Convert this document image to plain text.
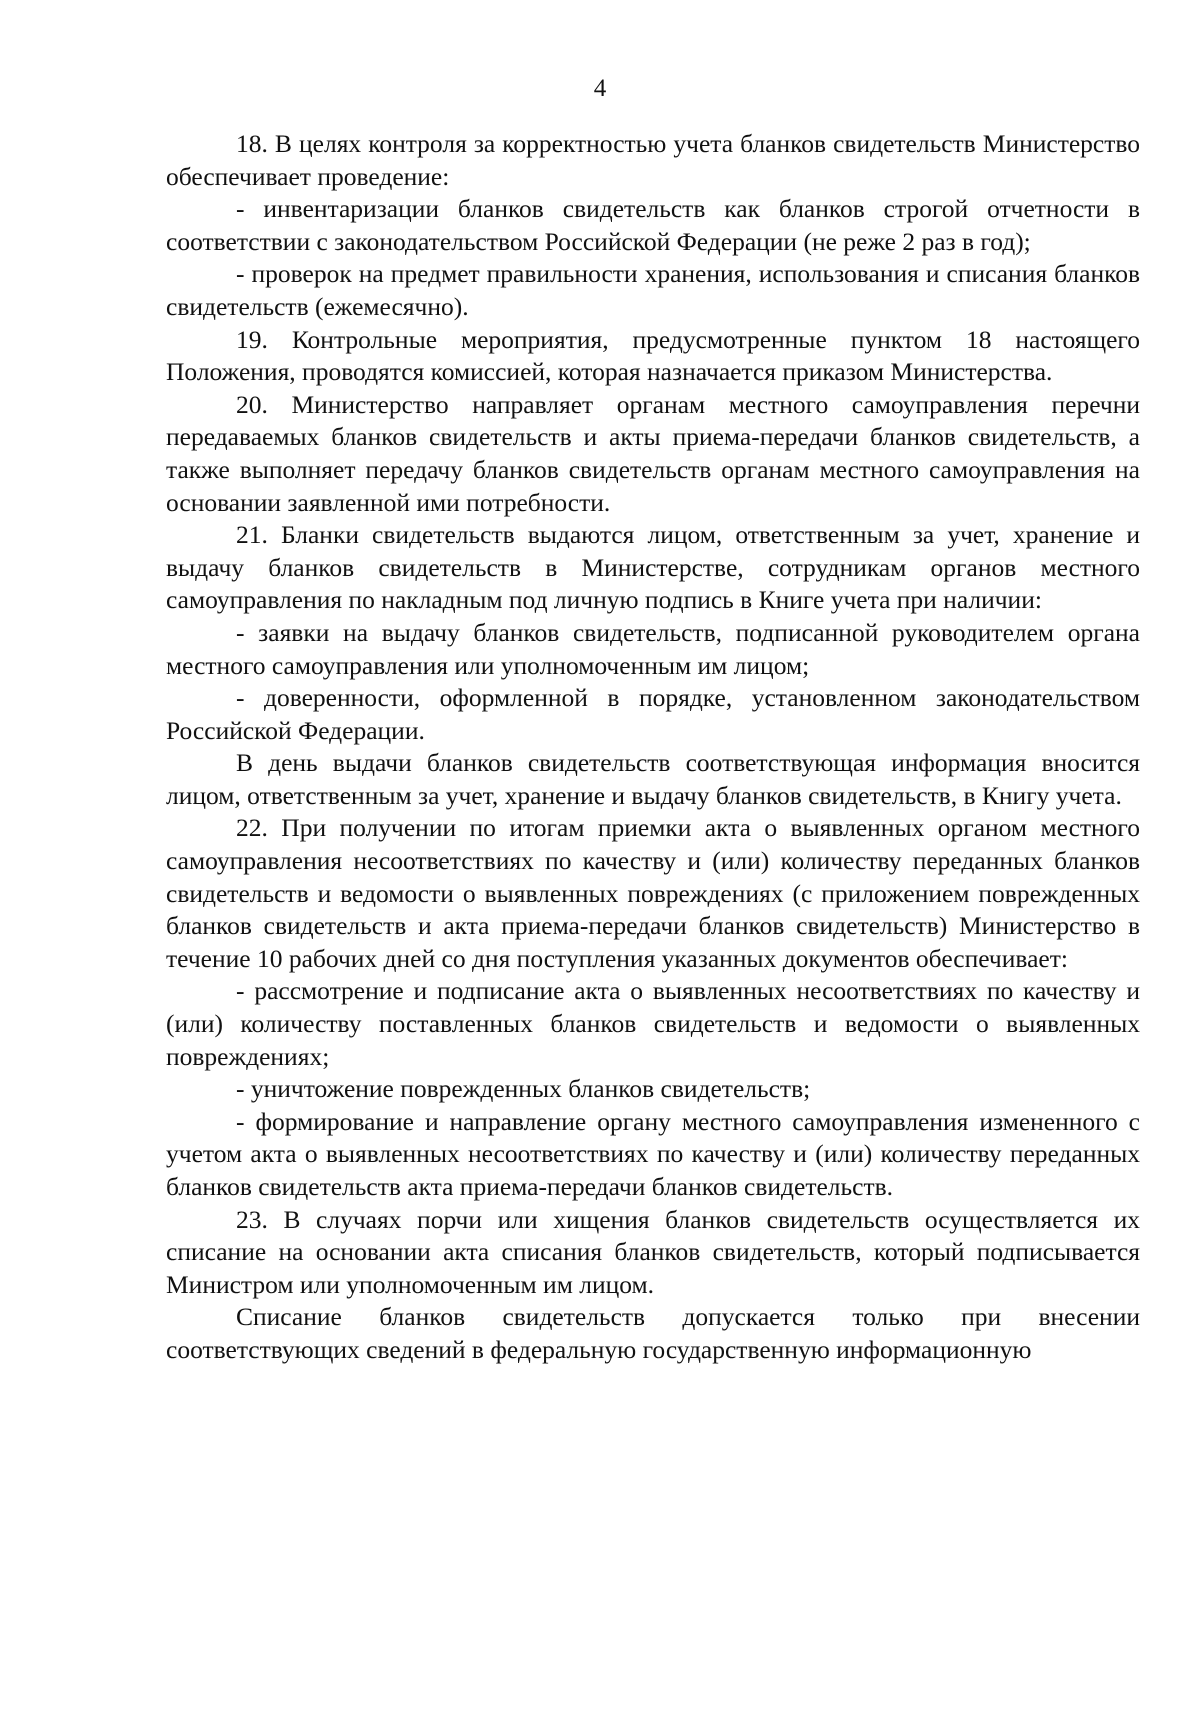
4

18. В целях контроля за корректностью учета бланков свидетельств Министерство обеспечивает проведение:

- инвентаризации бланков свидетельств как бланков строгой отчетности в соответствии с законодательством Российской Федерации (не реже 2 раз в год);

- проверок на предмет правильности хранения, использования и списания бланков свидетельств (ежемесячно).

19. Контрольные мероприятия, предусмотренные пунктом 18 настоящего Положения, проводятся комиссией, которая назначается приказом Министерства.

20. Министерство направляет органам местного самоуправления перечни передаваемых бланков свидетельств и акты приема-передачи бланков свидетельств, а также выполняет передачу бланков свидетельств органам местного самоуправления на основании заявленной ими потребности.

21. Бланки свидетельств выдаются лицом, ответственным за учет, хранение и выдачу бланков свидетельств в Министерстве, сотрудникам органов местного самоуправления по накладным под личную подпись в Книге учета при наличии:

- заявки на выдачу бланков свидетельств, подписанной руководителем органа местного самоуправления или уполномоченным им лицом;

- доверенности, оформленной в порядке, установленном законодательством Российской Федерации.

В день выдачи бланков свидетельств соответствующая информация вносится лицом, ответственным за учет, хранение и выдачу бланков свидетельств, в Книгу учета.

22. При получении по итогам приемки акта о выявленных органом местного самоуправления несоответствиях по качеству и (или) количеству переданных бланков свидетельств и ведомости о выявленных повреждениях (с приложением поврежденных бланков свидетельств и акта приема-передачи бланков свидетельств) Министерство в течение 10 рабочих дней со дня поступления указанных документов обеспечивает:

- рассмотрение и подписание акта о выявленных несоответствиях по качеству и (или) количеству поставленных бланков свидетельств и ведомости о выявленных повреждениях;

- уничтожение поврежденных бланков свидетельств;

- формирование и направление органу местного самоуправления измененного с учетом акта о выявленных несоответствиях по качеству и (или) количеству переданных бланков свидетельств акта приема-передачи бланков свидетельств.

23. В случаях порчи или хищения бланков свидетельств осуществляется их списание на основании акта списания бланков свидетельств, который подписывается Министром или уполномоченным им лицом.

Списание бланков свидетельств допускается только при внесении соответствующих сведений в федеральную государственную информационную
